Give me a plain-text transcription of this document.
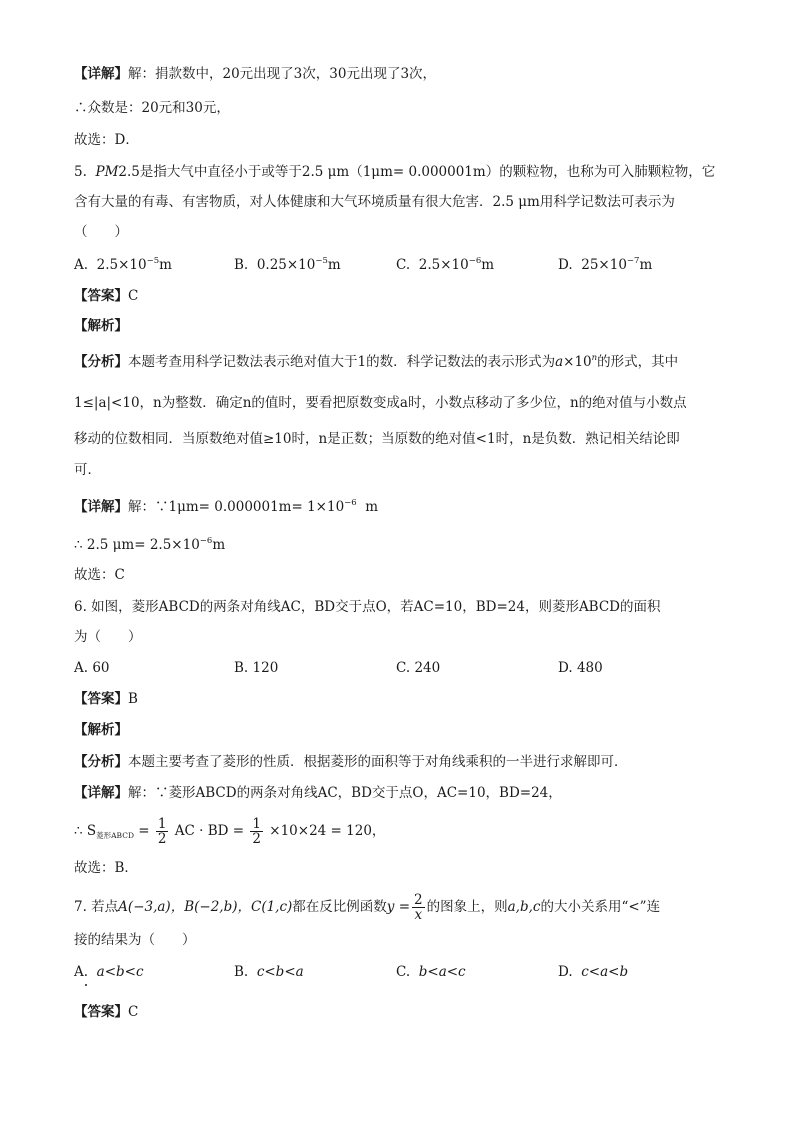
【详解】解：捐款数中，20元出现了3次，30元出现了3次，
∴众数是：20元和30元，
故选：D．
5. PM2.5是指大气中直径小于或等于2.5 μm（1μm= 0.000001m）的颗粒物，也称为可入肺颗粒物，它
含有大量的有毒、有害物质，对人体健康和大气环境质量有很大危害．2.5 μm用科学记数法可表示为
（　　）
A. $2.5\times 10^{-5}m$	B. $0.25\times 10^{-5}m$	C. $2.5\times 10^{-6}m$	D. $25\times 10^{-7}m$
【答案】C
【解析】
【分析】本题考查用科学记数法表示绝对值大于1的数．科学记数法的表示形式为$a\times 10^n$的形式，其中
1≤|a|<10，n为整数．确定n的值时，要看把原数变成a时，小数点移动了多少位，n的绝对值与小数点
移动的位数相同．当原数绝对值≥10时，n是正数；当原数的绝对值<1时，n是负数．熟记相关结论即
可．
【详解】解：∵1μm= $0.000001m= 1\times 10^{-6}$ m
∴ 2.5 $\mu m= 2.5\times 10^{-6}m$
故选：C
6. 如图，菱形ABCD的两条对角线AC，BD交于点O，若AC=10，BD=24，则菱形ABCD的面积
为（　　）
A. 60	B. 120	C. 240	D. 480
【答案】B
【解析】
【分析】本题主要考查了菱形的性质．根据菱形的面积等于对角线乘积的一半进行求解即可．
【详解】解：∵菱形ABCD的两条对角线AC，BD交于点O，AC=10，BD=24，
∴ $S_{菱形ABCD} = \frac{1}{2}$ AC · BD = $\frac{1}{2} \times 10\times 24 = 120$，
故选：B．
7. 若点A(−3,a)，B(−2,b)，C(1,c)都在反比例函数$y = \frac{2}{x}$ 的图象上，则a,b,c的大小关系用“<”连
接的结果为（　　）
A. a<b<c	B. c<b<a	C. b<a<c	D. c<a<b
【答案】C
